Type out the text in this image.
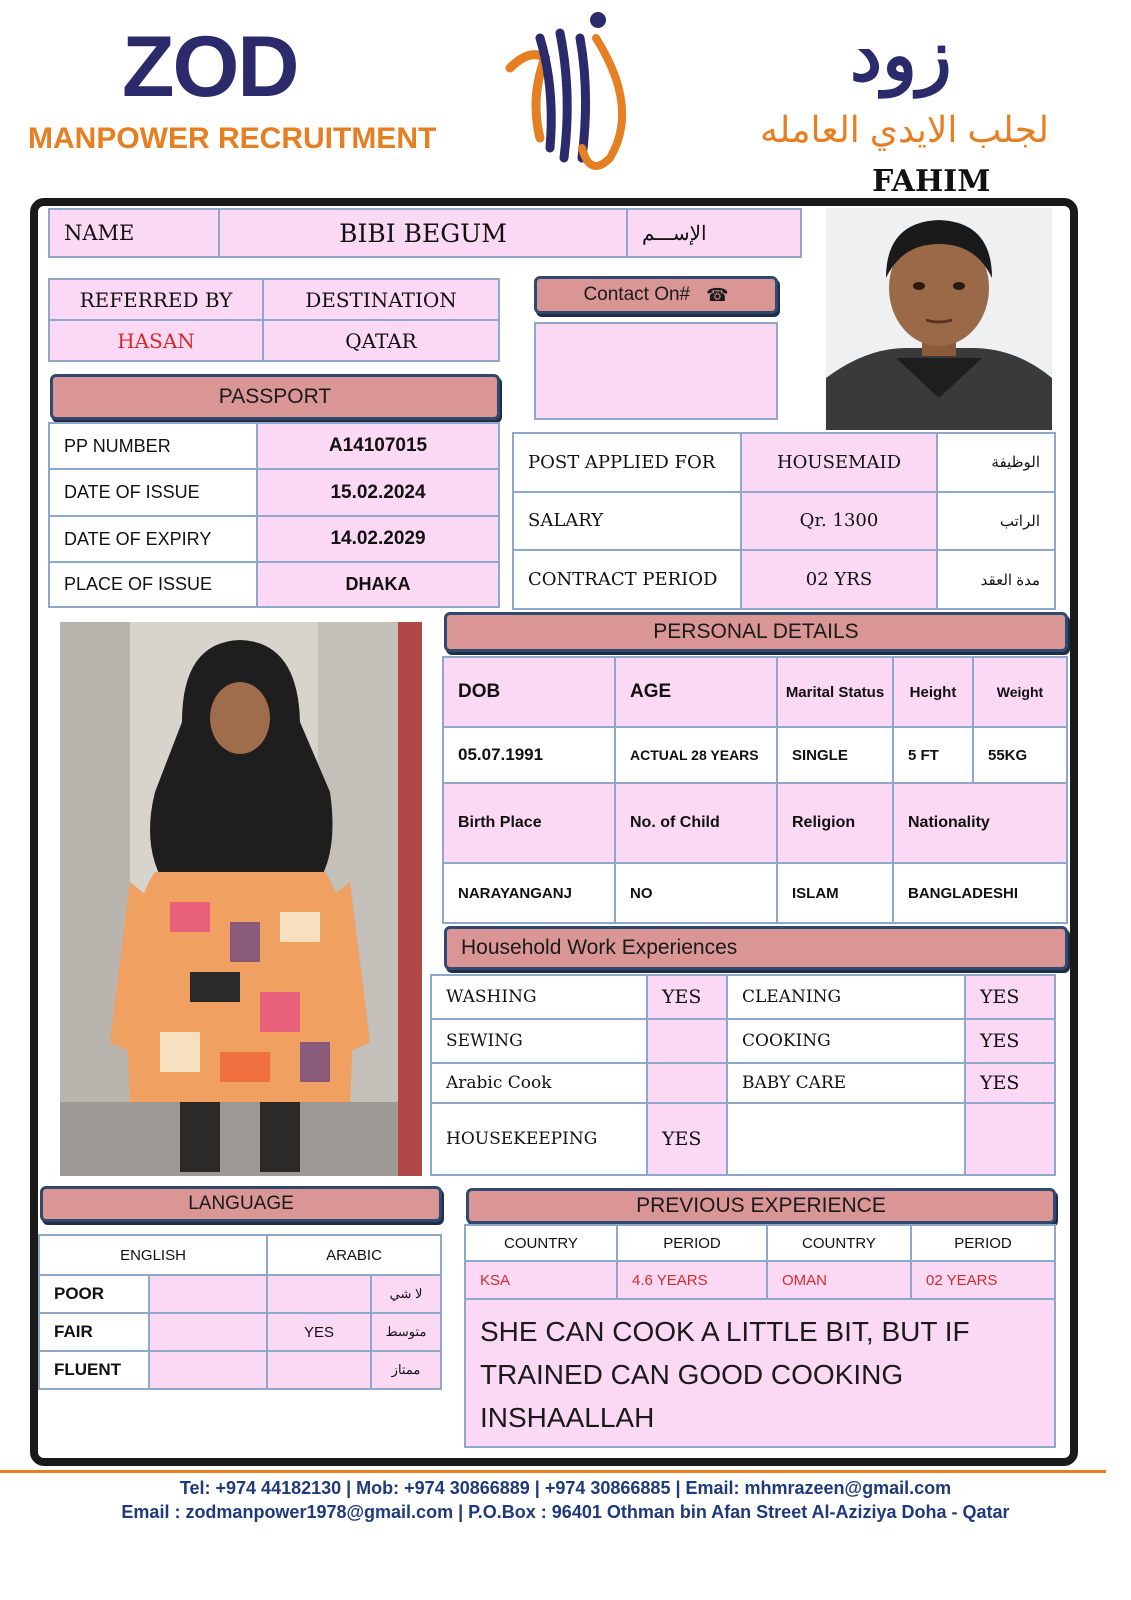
ZOD
MANPOWER RECRUITMENT
زود
لجلب الايدي العامله
FAHIM
NAME	BIBI BEGUM	الإســـم
REFERRED BY	DESTINATION
HASAN	QATAR
Contact On# ☎
PASSPORT
PP NUMBER	A14107015
DATE OF ISSUE	15.02.2024
DATE OF EXPIRY	14.02.2029
PLACE OF ISSUE	DHAKA
POST APPLIED FOR	HOUSEMAID	الوظيفة
SALARY	Qr. 1300	الراتب
CONTRACT PERIOD	02 YRS	مدة العقد
PERSONAL DETAILS
DOB	AGE	Marital Status	Height	Weight
05.07.1991	ACTUAL 28 YEARS	SINGLE	5 FT	55KG
Birth Place	No. of Child	Religion	Nationality	
NARAYANGANJ	NO	ISLAM	BANGLADESHI	
Household Work Experiences
WASHING	YES	CLEANING	YES
SEWING		COOKING	YES
Arabic Cook		BABY CARE	YES
HOUSEKEEPING	YES		
LANGUAGE
ENGLISH		ARABIC	
POOR			لا شي
FAIR		YES	متوسط
FLUENT			ممتاز
PREVIOUS EXPERIENCE
COUNTRY	PERIOD	COUNTRY	PERIOD
KSA	4.6 YEARS	OMAN	02 YEARS
SHE CAN COOK A LITTLE BIT, BUT IF TRAINED CAN GOOD COOKING INSHAALLAH
Tel: +974 44182130 | Mob: +974 30866889 | +974 30866885 | Email: mhmrazeen@gmail.com
Email : zodmanpower1978@gmail.com | P.O.Box : 96401 Othman bin Afan Street Al-Aziziya Doha - Qatar
